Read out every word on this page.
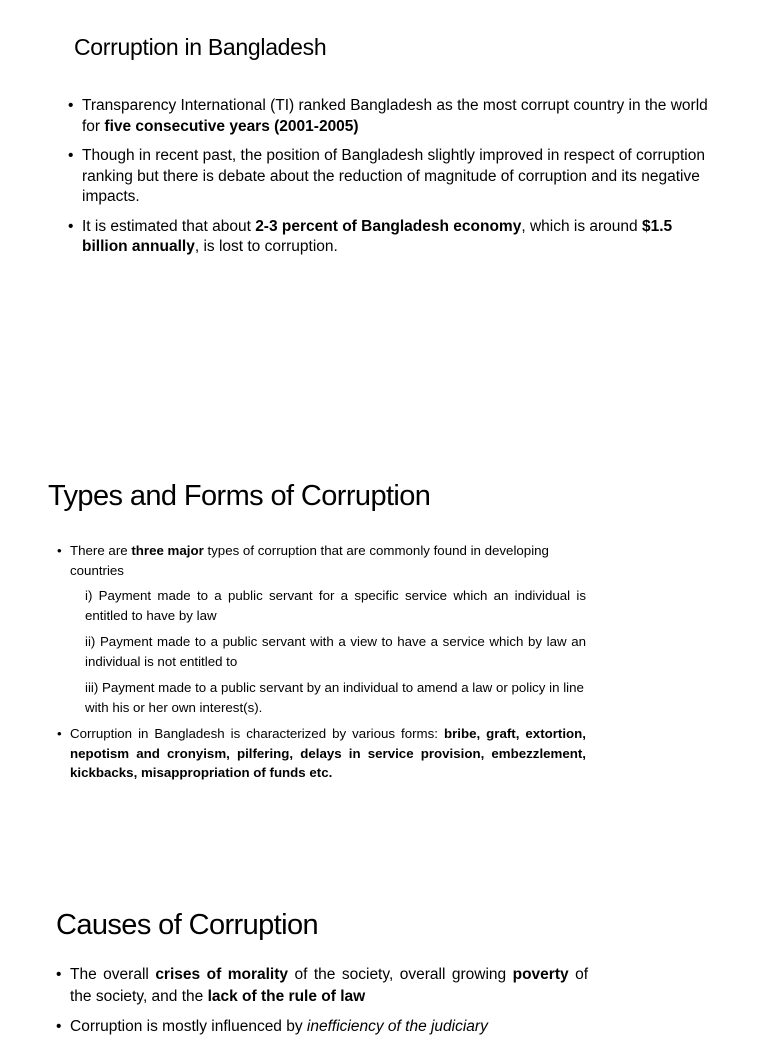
Corruption in Bangladesh
• Transparency International (TI) ranked Bangladesh as the most corrupt country in the world for five consecutive years (2001-2005)
• Though in recent past, the position of Bangladesh slightly improved in respect of corruption ranking but there is debate about the reduction of magnitude of corruption and its negative impacts.
• It is estimated that about 2-3 percent of Bangladesh economy, which is around $1.5 billion annually, is lost to corruption.
Types and Forms of Corruption
• There are three major types of corruption that are commonly found in developing countries

i) Payment made to a public servant for a specific service which an individual is entitled to have by law

ii) Payment made to a public servant with a view to have a service which by law an individual is not entitled to

iii) Payment made to a public servant by an individual to amend a law or policy in line with his or her own interest(s).

• Corruption in Bangladesh is characterized by various forms: bribe, graft, extortion, nepotism and cronyism, pilfering, delays in service provision, embezzlement, kickbacks, misappropriation of funds etc.
Causes of Corruption
• The overall crises of morality of the society, overall growing poverty of the society, and the lack of the rule of law
• Corruption is mostly influenced by inefficiency of the judiciary
